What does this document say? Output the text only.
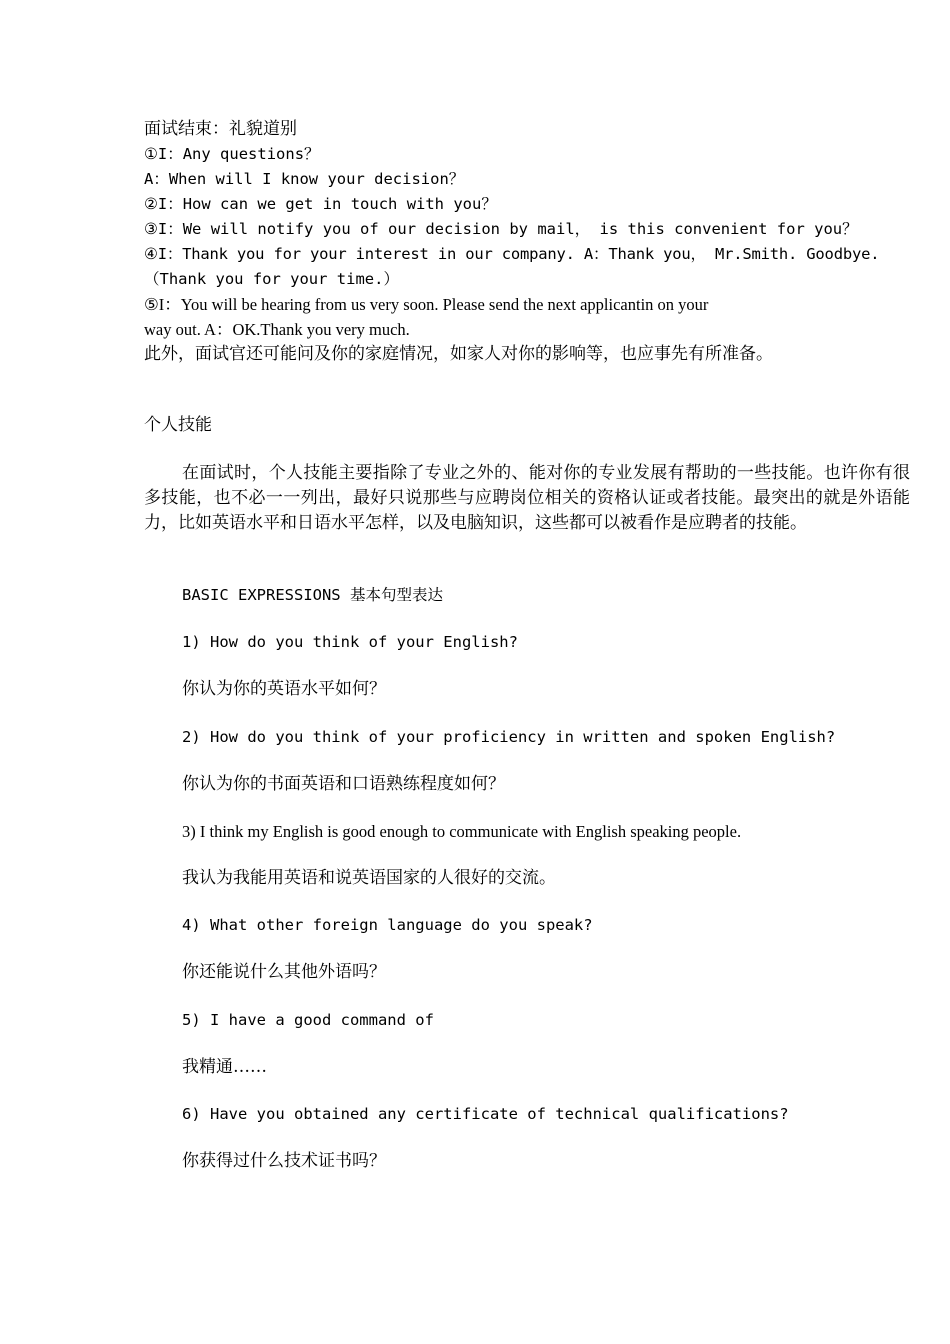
面试结束：礼貌道别
①I：Any questions？
A：When will I know your decision？
②I：How can we get in touch with you？
③I：We will notify you of our decision by mail， is this convenient for you？
④I：Thank you for your interest in our company. A：Thank you， Mr.Smith. Goodbye.
（Thank you for your time.）
⑤I：You will be hearing from us very soon. Please send the next applicantin on your
way out. A：OK.Thank you very much.
此外，面试官还可能问及你的家庭情况，如家人对你的影响等，也应事先有所准备。
个人技能
在面试时，个人技能主要指除了专业之外的、能对你的专业发展有帮助的一些技能。也许你有很多技能，也不必一一列出，最好只说那些与应聘岗位相关的资格认证或者技能。最突出的就是外语能力，比如英语水平和日语水平怎样，以及电脑知识，这些都可以被看作是应聘者的技能。
BASIC EXPRESSIONS 基本句型表达
1) How do you think of your English?
你认为你的英语水平如何？
2) How do you think of your proficiency in written and spoken English?
你认为你的书面英语和口语熟练程度如何？
3) I think my English is good enough to communicate with English speaking people.
我认为我能用英语和说英语国家的人很好的交流。
4) What other foreign language do you speak?
你还能说什么其他外语吗？
5) I have a good command of
我精通……
6) Have you obtained any certificate of technical qualifications?
你获得过什么技术证书吗？
